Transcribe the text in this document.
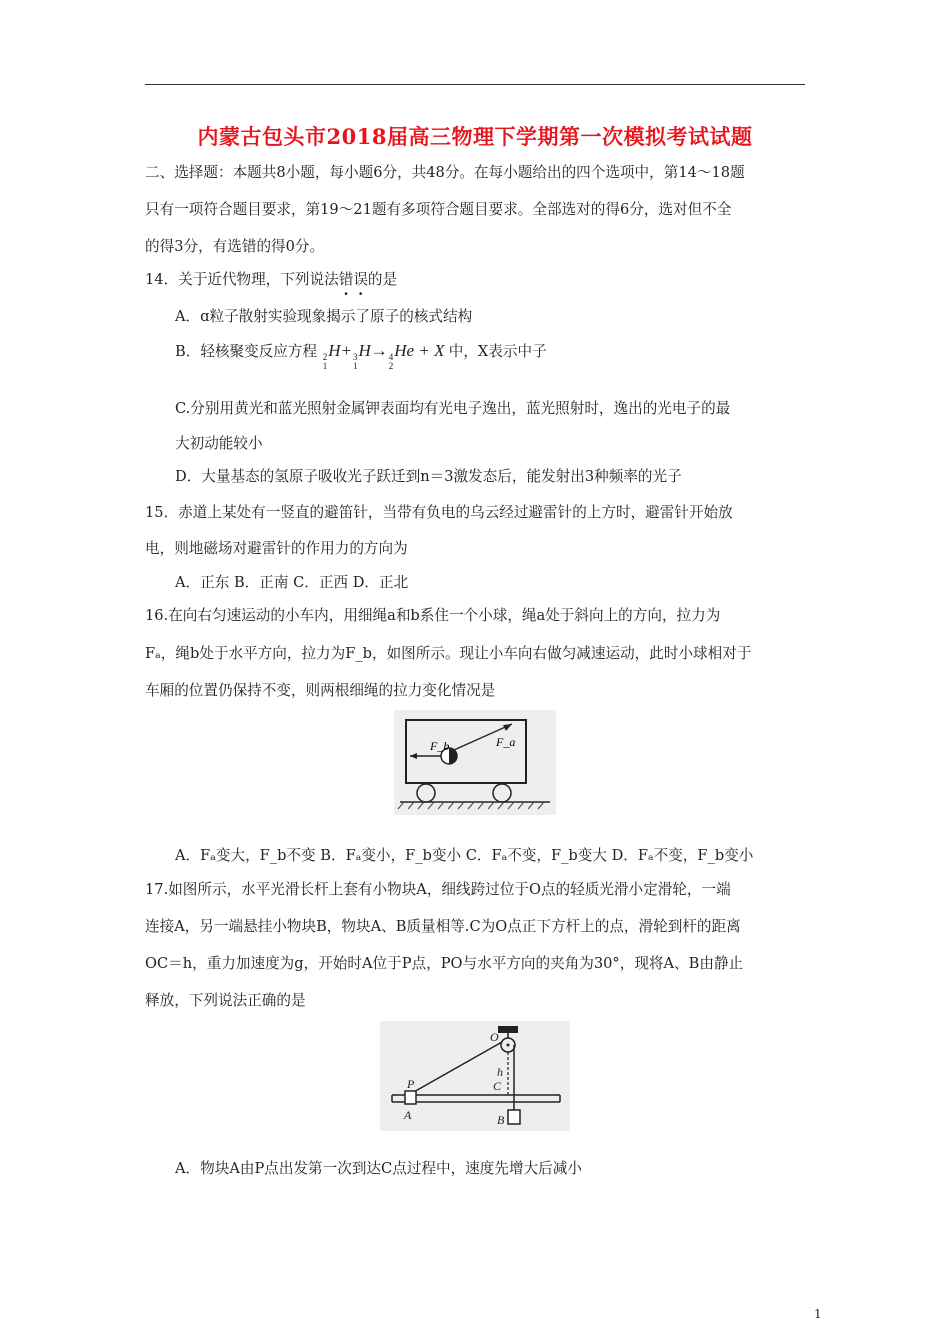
内蒙古包头市2018届高三物理下学期第一次模拟考试试题
二、选择题：本题共8小题，每小题6分，共48分。在每小题给出的四个选项中，第14～18题
只有一项符合题目要求，第19～21题有多项符合题目要求。全部选对的得6分，选对但不全
的得3分，有选错的得0分。
14．关于近代物理，下列说法错误的是
A．ɑ粒子散射实验现象揭示了原子的核式结构
B．轻核聚变反应方程 2
1
H+ 3
1
H→ 4
2
He + X 中，X表示中子
C.分别用黄光和蓝光照射金属钾表面均有光电子逸出，蓝光照射时，逸出的光电子的最
大初动能较小
D．大量基态的氢原子吸收光子跃迁到n＝3激发态后，能发射出3种频率的光子
15．赤道上某处有一竖直的避笛针，当带有负电的乌云经过避雷针的上方时，避雷针开始放
电，则地磁场对避雷针的作用力的方向为
A．正东 B．正南 C．正西 D．正北
16.在向右匀速运动的小车内，用细绳a和b系住一个小球，绳a处于斜向上的方向，拉力为
Fₐ，绳b处于水平方向，拉力为F_b，如图所示。现让小车向右做匀减速运动，此时小球相对于
车厢的位置仍保持不变，则两根细绳的拉力变化情况是
F_b	F_a
A．Fₐ变大，F_b不变 B．Fₐ变小，F_b变小 C．Fₐ不变，F_b变大 D．Fₐ不变，F_b变小
17.如图所示，水平光滑长杆上套有小物块A，细线跨过位于O点的轻质光滑小定滑轮，一端
连接A，另一端悬挂小物块B，物块A、B质量相等.C为O点正下方杆上的点，滑轮到杆的距离
OC＝h，重力加速度为g，开始时A位于P点，PO与水平方向的夹角为30°，现将A、B由静止
释放，下列说法正确的是
O
h
C
P
A	B
A．物块A由P点出发第一次到达C点过程中，速度先增大后减小
1
